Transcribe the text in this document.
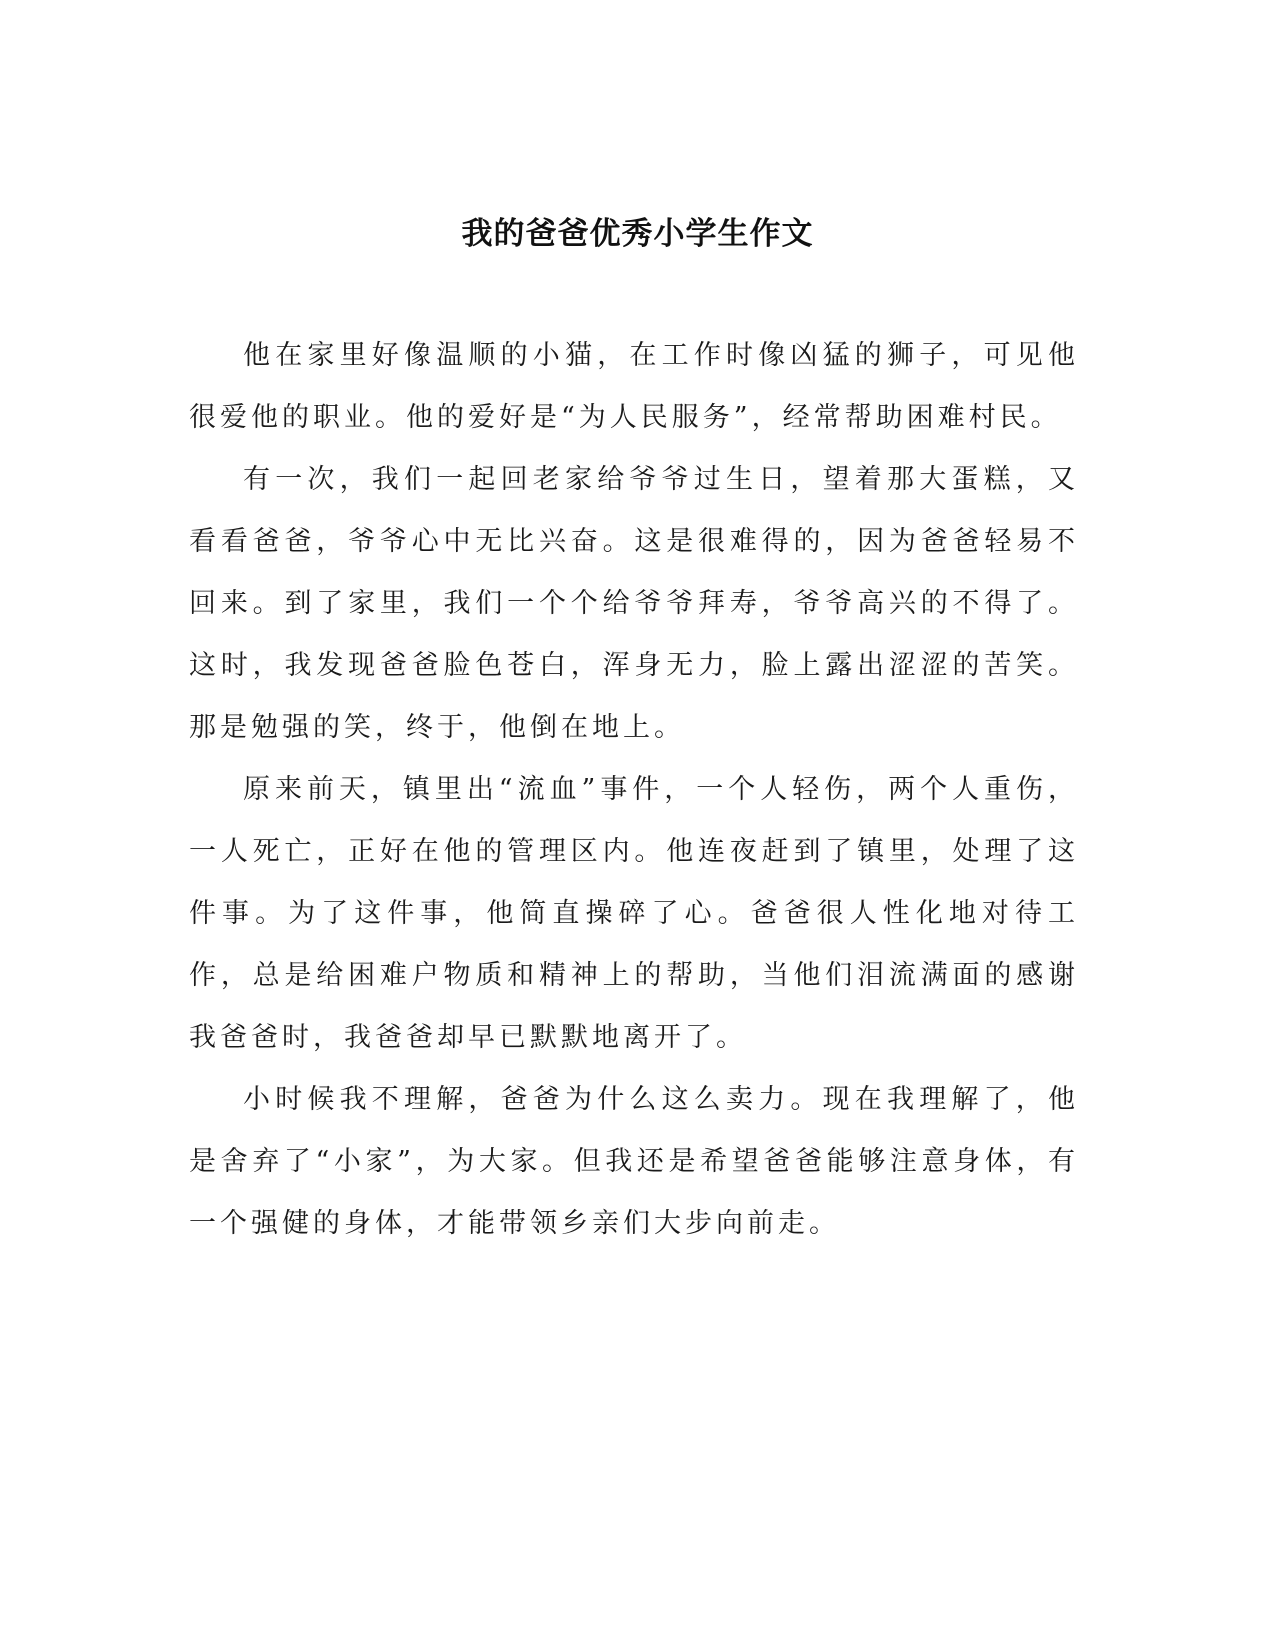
我的爸爸优秀小学生作文

他在家里好像温顺的小猫，在工作时像凶猛的狮子，可见他很爱他的职业。他的爱好是“为人民服务”，经常帮助困难村民。

有一次，我们一起回老家给爷爷过生日，望着那大蛋糕，又看看爸爸，爷爷心中无比兴奋。这是很难得的，因为爸爸轻易不回来。到了家里，我们一个个给爷爷拜寿，爷爷高兴的不得了。这时，我发现爸爸脸色苍白，浑身无力，脸上露出涩涩的苦笑。那是勉强的笑，终于，他倒在地上。

原来前天，镇里出“流血”事件，一个人轻伤，两个人重伤，一人死亡，正好在他的管理区内。他连夜赶到了镇里，处理了这件事。为了这件事，他简直操碎了心。爸爸很人性化地对待工作，总是给困难户物质和精神上的帮助，当他们泪流满面的感谢我爸爸时，我爸爸却早已默默地离开了。

小时候我不理解，爸爸为什么这么卖力。现在我理解了，他是舍弃了“小家”，为大家。但我还是希望爸爸能够注意身体，有一个强健的身体，才能带领乡亲们大步向前走。
